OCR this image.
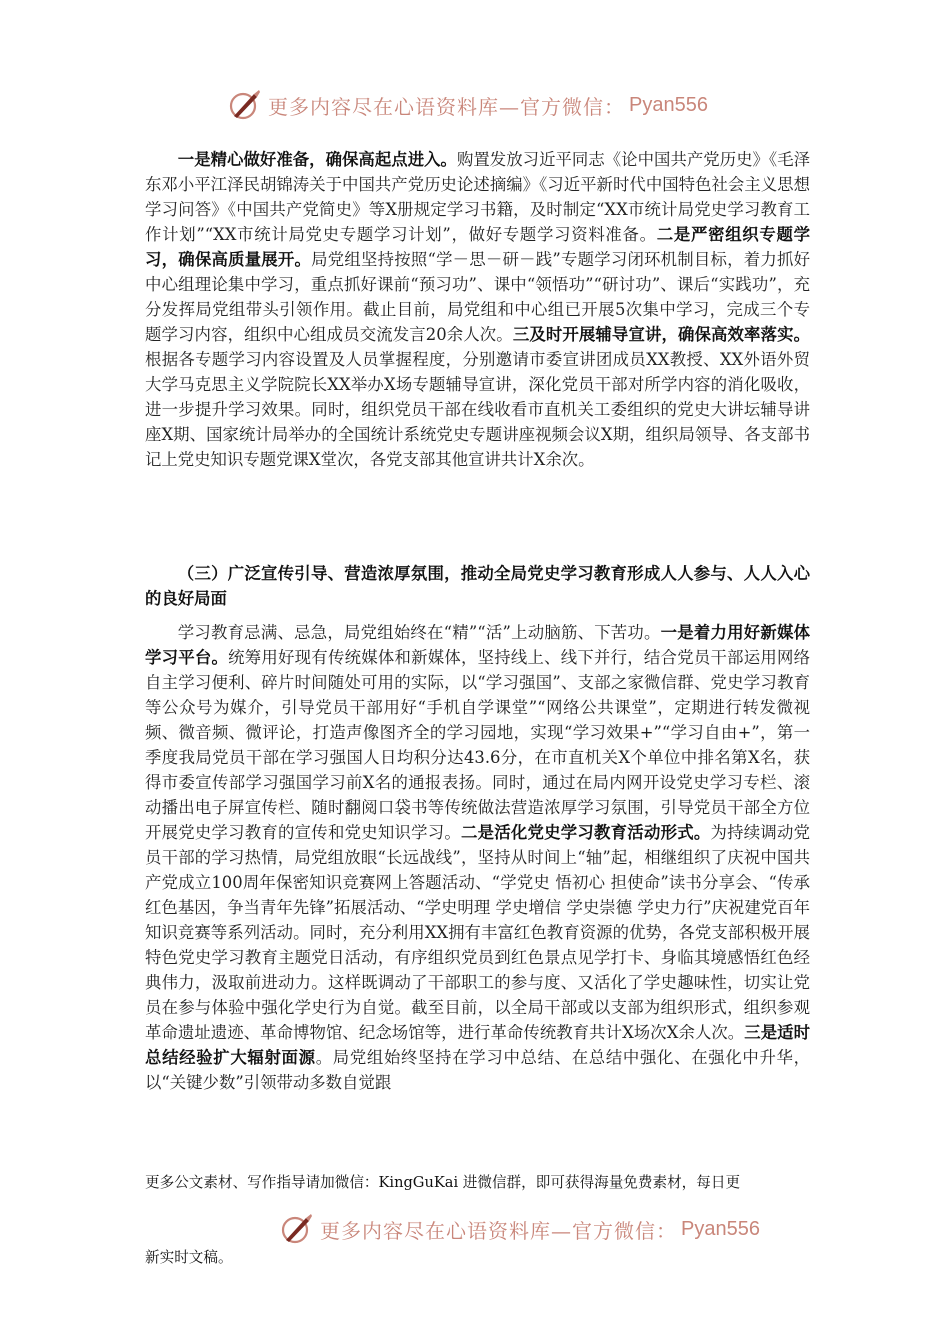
更多内容尽在心语资料库—官方微信： Pyan556

一是精心做好准备，确保高起点进入。购置发放习近平同志《论中国共产党历史》《毛泽东邓小平江泽民胡锦涛关于中国共产党历史论述摘编》《习近平新时代中国特色社会主义思想学习问答》《中国共产党简史》等X册规定学习书籍，及时制定“XX市统计局党史学习教育工作计划”“XX市统计局党史专题学习计划”，做好专题学习资料准备。二是严密组织专题学习，确保高质量展开。局党组坚持按照“学－思－研－践”专题学习闭环机制目标，着力抓好中心组理论集中学习，重点抓好课前“预习功”、课中“领悟功”“研讨功”、课后“实践功”，充分发挥局党组带头引领作用。截止目前，局党组和中心组已开展5次集中学习，完成三个专题学习内容，组织中心组成员交流发言20余人次。三及时开展辅导宣讲，确保高效率落实。根据各专题学习内容设置及人员掌握程度，分别邀请市委宣讲团成员XX教授、XX外语外贸大学马克思主义学院院长XX举办X场专题辅导宣讲，深化党员干部对所学内容的消化吸收，进一步提升学习效果。同时，组织党员干部在线收看市直机关工委组织的党史大讲坛辅导讲座X期、国家统计局举办的全国统计系统党史专题讲座视频会议X期，组织局领导、各支部书记上党史知识专题党课X堂次，各党支部其他宣讲共计X余次。

（三）广泛宣传引导、营造浓厚氛围，推动全局党史学习教育形成人人参与、人人入心的良好局面

学习教育忌满、忌急，局党组始终在“精”“活”上动脑筋、下苦功。一是着力用好新媒体学习平台。统筹用好现有传统媒体和新媒体，坚持线上、线下并行，结合党员干部运用网络自主学习便利、碎片时间随处可用的实际，以“学习强国”、支部之家微信群、党史学习教育等公众号为媒介，引导党员干部用好“手机自学课堂”“网络公共课堂”，定期进行转发微视频、微音频、微评论，打造声像图齐全的学习园地，实现“学习效果+”“学习自由+”，第一季度我局党员干部在学习强国人日均积分达43.6分，在市直机关X个单位中排名第X名，获得市委宣传部学习强国学习前X名的通报表扬。同时，通过在局内网开设党史学习专栏、滚动播出电子屏宣传栏、随时翻阅口袋书等传统做法营造浓厚学习氛围，引导党员干部全方位开展党史学习教育的宣传和党史知识学习。二是活化党史学习教育活动形式。为持续调动党员干部的学习热情，局党组放眼“长远战线”，坚持从时间上“轴”起，相继组织了庆祝中国共产党成立100周年保密知识竞赛网上答题活动、“学党史 悟初心 担使命”读书分享会、“传承红色基因，争当青年先锋”拓展活动、“学史明理 学史增信 学史崇德 学史力行”庆祝建党百年知识竞赛等系列活动。同时，充分利用XX拥有丰富红色教育资源的优势，各党支部积极开展特色党史学习教育主题党日活动，有序组织党员到红色景点见学打卡、身临其境感悟红色经典伟力，汲取前进动力。这样既调动了干部职工的参与度、又活化了学史趣味性，切实让党员在参与体验中强化学史行为自觉。截至目前，以全局干部或以支部为组织形式，组织参观革命遗址遗迹、革命博物馆、纪念场馆等，进行革命传统教育共计X场次X余人次。三是适时总结经验扩大辐射面源。局党组始终坚持在学习中总结、在总结中强化、在强化中升华，以“关键少数”引领带动多数自觉跟

更多公文素材、写作指导请加微信：KingGuKai 进微信群，即可获得海量免费素材，每日更
更多内容尽在心语资料库—官方微信： Pyan556
新实时文稿。
